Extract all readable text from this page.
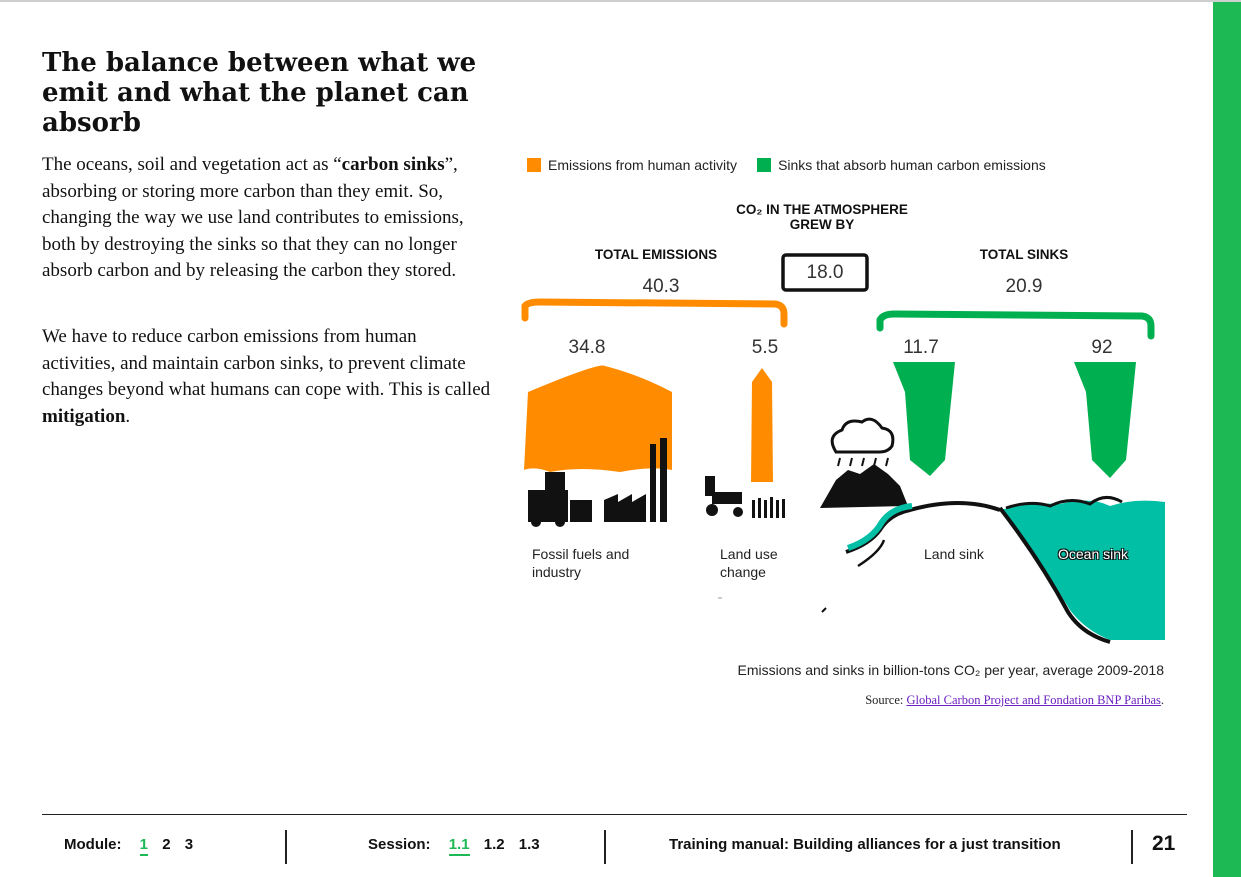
The balance between what we emit and what the planet can absorb

The oceans, soil and vegetation act as “carbon sinks”, absorbing or storing more carbon than they emit. So, changing the way we use land contributes to emissions, both by destroying the sinks so that they can no longer absorb carbon and by releasing the carbon they stored.

We have to reduce carbon emissions from human activities, and maintain carbon sinks, to prevent climate changes beyond what humans can cope with. This is called mitigation.

Emissions from human activity	Sinks that absorb human carbon emissions
CO₂ IN THE ATMOSPHERE
GREW BY
TOTAL EMISSIONS	TOTAL SINKS
40.3	20.9
18.0
34.8	5.5	11.7	92
Fossil fuels and
industry
Land use
change
Land sink	Ocean sink
Emissions and sinks in billion-tons CO₂ per year, average 2009-2018
Source: Global Carbon Project and Fondation BNP Paribas.
Module: 1 2 3	Session: 1.1 1.2 1.3	Training manual: Building alliances for a just transition	21
